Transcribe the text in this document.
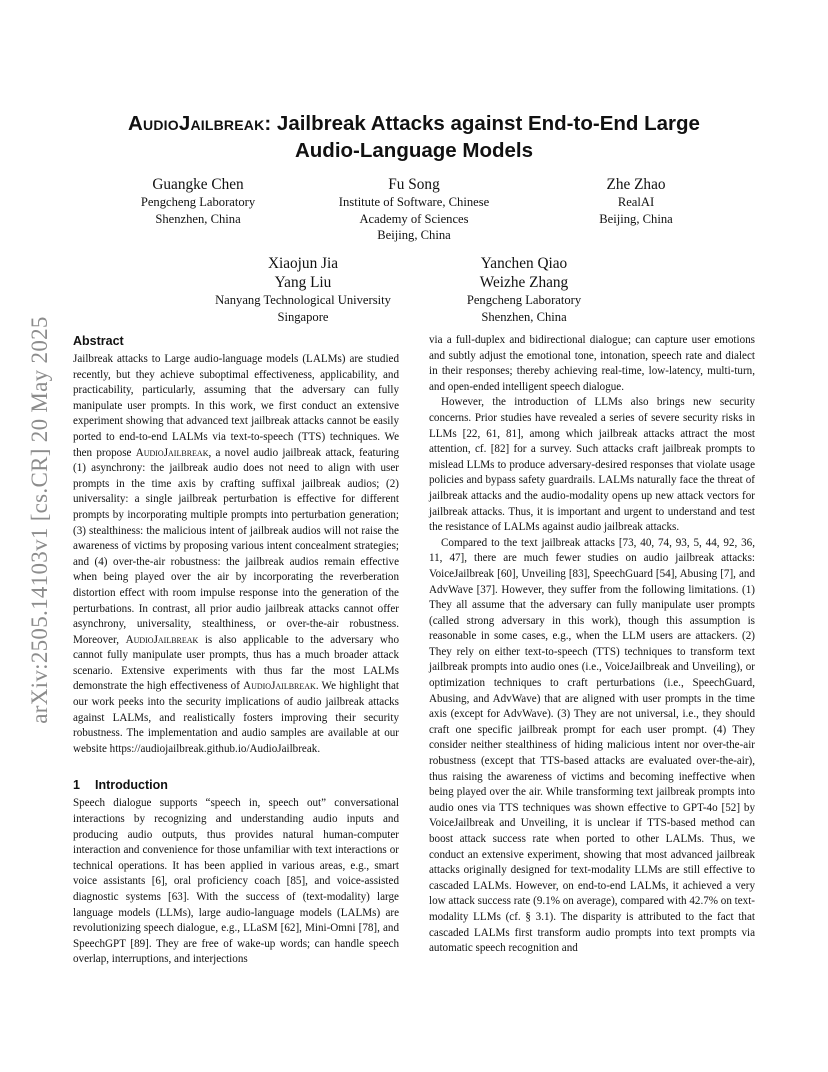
arXiv:2505.14103v1 [cs.CR] 20 May 2025
AudioJailbreak: Jailbreak Attacks against End-to-End Large
Audio-Language Models
Guangke Chen
Pengcheng Laboratory
Shenzhen, China
Fu Song
Institute of Software, Chinese
Academy of Sciences
Beijing, China
Zhe Zhao
RealAI
Beijing, China
Xiaojun Jia
Yang Liu
Nanyang Technological University
Singapore
Yanchen Qiao
Weizhe Zhang
Pengcheng Laboratory
Shenzhen, China
Abstract

Jailbreak attacks to Large audio-language models (LALMs) are studied recently, but they achieve suboptimal effectiveness, applicability, and practicability, particularly, assuming that the adversary can fully manipulate user prompts. In this work, we first conduct an extensive experiment showing that advanced text jailbreak attacks cannot be easily ported to end-to-end LALMs via text-to-speech (TTS) techniques. We then propose AudioJailbreak, a novel audio jailbreak attack, featuring (1) asynchrony: the jailbreak audio does not need to align with user prompts in the time axis by crafting suffixal jailbreak audios; (2) universality: a single jailbreak perturbation is effective for different prompts by incorporating multiple prompts into perturbation generation; (3) stealthiness: the malicious intent of jailbreak audios will not raise the awareness of victims by proposing various intent concealment strategies; and (4) over-the-air robustness: the jailbreak audios remain effective when being played over the air by incorporating the reverberation distortion effect with room impulse response into the generation of the perturbations. In contrast, all prior audio jailbreak attacks cannot offer asynchrony, universality, stealthiness, or over-the-air robustness. Moreover, AudioJailbreak is also applicable to the adversary who cannot fully manipulate user prompts, thus has a much broader attack scenario. Extensive experiments with thus far the most LALMs demonstrate the high effectiveness of AudioJailbreak. We highlight that our work peeks into the security implications of audio jailbreak attacks against LALMs, and realistically fosters improving their security robustness. The implementation and audio samples are available at our website https://audiojailbreak.github.io/AudioJailbreak.

1 Introduction

Speech dialogue supports “speech in, speech out” conversational interactions by recognizing and understanding audio inputs and producing audio outputs, thus provides natural human-computer interaction and convenience for those unfamiliar with text interactions or technical operations. It has been applied in various areas, e.g., smart voice assistants [6], oral proficiency coach [85], and voice-assisted diagnostic systems [63]. With the success of (text-modality) large language models (LLMs), large audio-language models (LALMs) are revolutionizing speech dialogue, e.g., LLaSM [62], Mini-Omni [78], and SpeechGPT [89]. They are free of wake-up words; can handle speech overlap, interruptions, and interjections

via a full-duplex and bidirectional dialogue; can capture user emotions and subtly adjust the emotional tone, intonation, speech rate and dialect in their responses; thereby achieving real-time, low-latency, multi-turn, and open-ended intelligent speech dialogue.

However, the introduction of LLMs also brings new security concerns. Prior studies have revealed a series of severe security risks in LLMs [22, 61, 81], among which jailbreak attacks attract the most attention, cf. [82] for a survey. Such attacks craft jailbreak prompts to mislead LLMs to produce adversary-desired responses that violate usage policies and bypass safety guardrails. LALMs naturally face the threat of jailbreak attacks and the audio-modality opens up new attack vectors for jailbreak attacks. Thus, it is important and urgent to understand and test the resistance of LALMs against audio jailbreak attacks.

Compared to the text jailbreak attacks [73, 40, 74, 93, 5, 44, 92, 36, 11, 47], there are much fewer studies on audio jailbreak attacks: VoiceJailbreak [60], Unveiling [83], SpeechGuard [54], Abusing [7], and AdvWave [37]. However, they suffer from the following limitations. (1) They all assume that the adversary can fully manipulate user prompts (called strong adversary in this work), though this assumption is reasonable in some cases, e.g., when the LLM users are attackers. (2) They rely on either text-to-speech (TTS) techniques to transform text jailbreak prompts into audio ones (i.e., VoiceJailbreak and Unveiling), or optimization techniques to craft perturbations (i.e., SpeechGuard, Abusing, and AdvWave) that are aligned with user prompts in the time axis (except for AdvWave). (3) They are not universal, i.e., they should craft one specific jailbreak prompt for each user prompt. (4) They consider neither stealthiness of hiding malicious intent nor over-the-air robustness (except that TTS-based attacks are evaluated over-the-air), thus raising the awareness of victims and becoming ineffective when being played over the air. While transforming text jailbreak prompts into audio ones via TTS techniques was shown effective to GPT-4o [52] by VoiceJailbreak and Unveiling, it is unclear if TTS-based method can boost attack success rate when ported to other LALMs. Thus, we conduct an extensive experiment, showing that most advanced jailbreak attacks originally designed for text-modality LLMs are still effective to cascaded LALMs. However, on end-to-end LALMs, it achieved a very low attack success rate (9.1% on average), compared with 42.7% on text-modality LLMs (cf. § 3.1). The disparity is attributed to the fact that cascaded LALMs first transform audio prompts into text prompts via automatic speech recognition and
